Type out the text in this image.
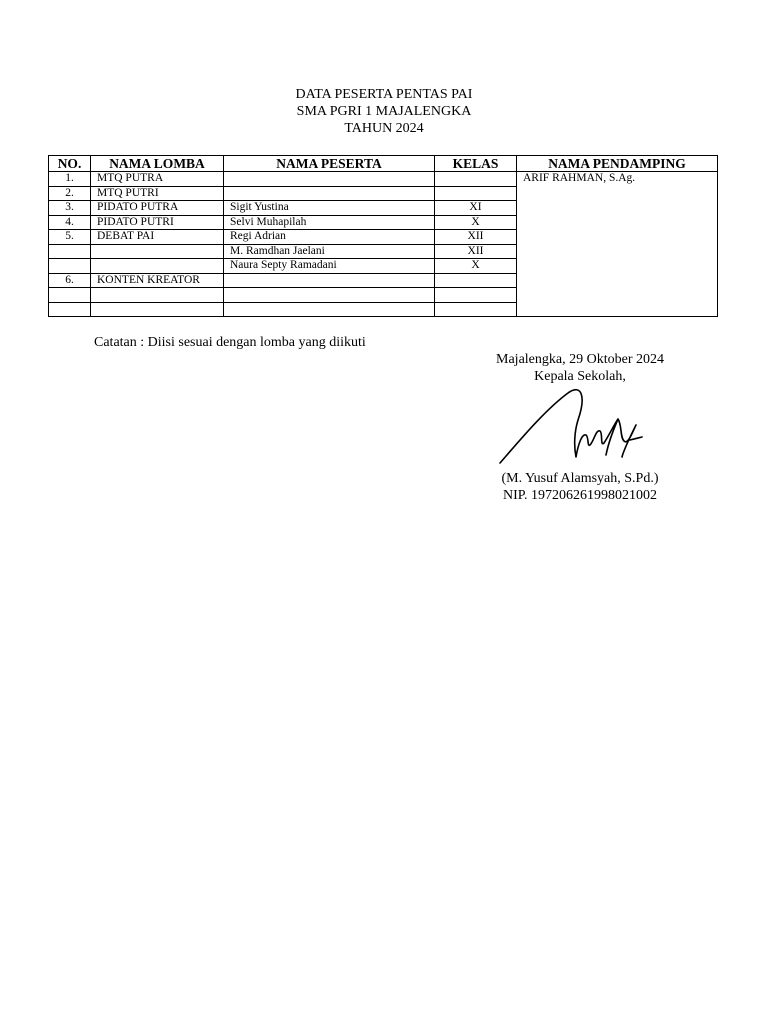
DATA PESERTA PENTAS PAI
SMA PGRI 1 MAJALENGKA
TAHUN 2024
NO.	NAMA LOMBA	NAMA PESERTA	KELAS	NAMA PENDAMPING
1.	MTQ PUTRA			ARIF RAHMAN, S.Ag.
2.	MTQ PUTRI			
3.	PIDATO PUTRA	Sigit Yustina	XI	
4.	PIDATO PUTRI	Selvi Muhapilah	X	
5.	DEBAT PAI	Regi Adrian	XII	
		M. Ramdhan Jaelani	XII	
		Naura Septy Ramadani	X	
6.	KONTEN KREATOR			

Catatan : Diisi sesuai dengan lomba yang diikuti
Majalengka, 29 Oktober 2024
Kepala Sekolah,
(M. Yusuf Alamsyah, S.Pd.)
NIP. 197206261998021002
